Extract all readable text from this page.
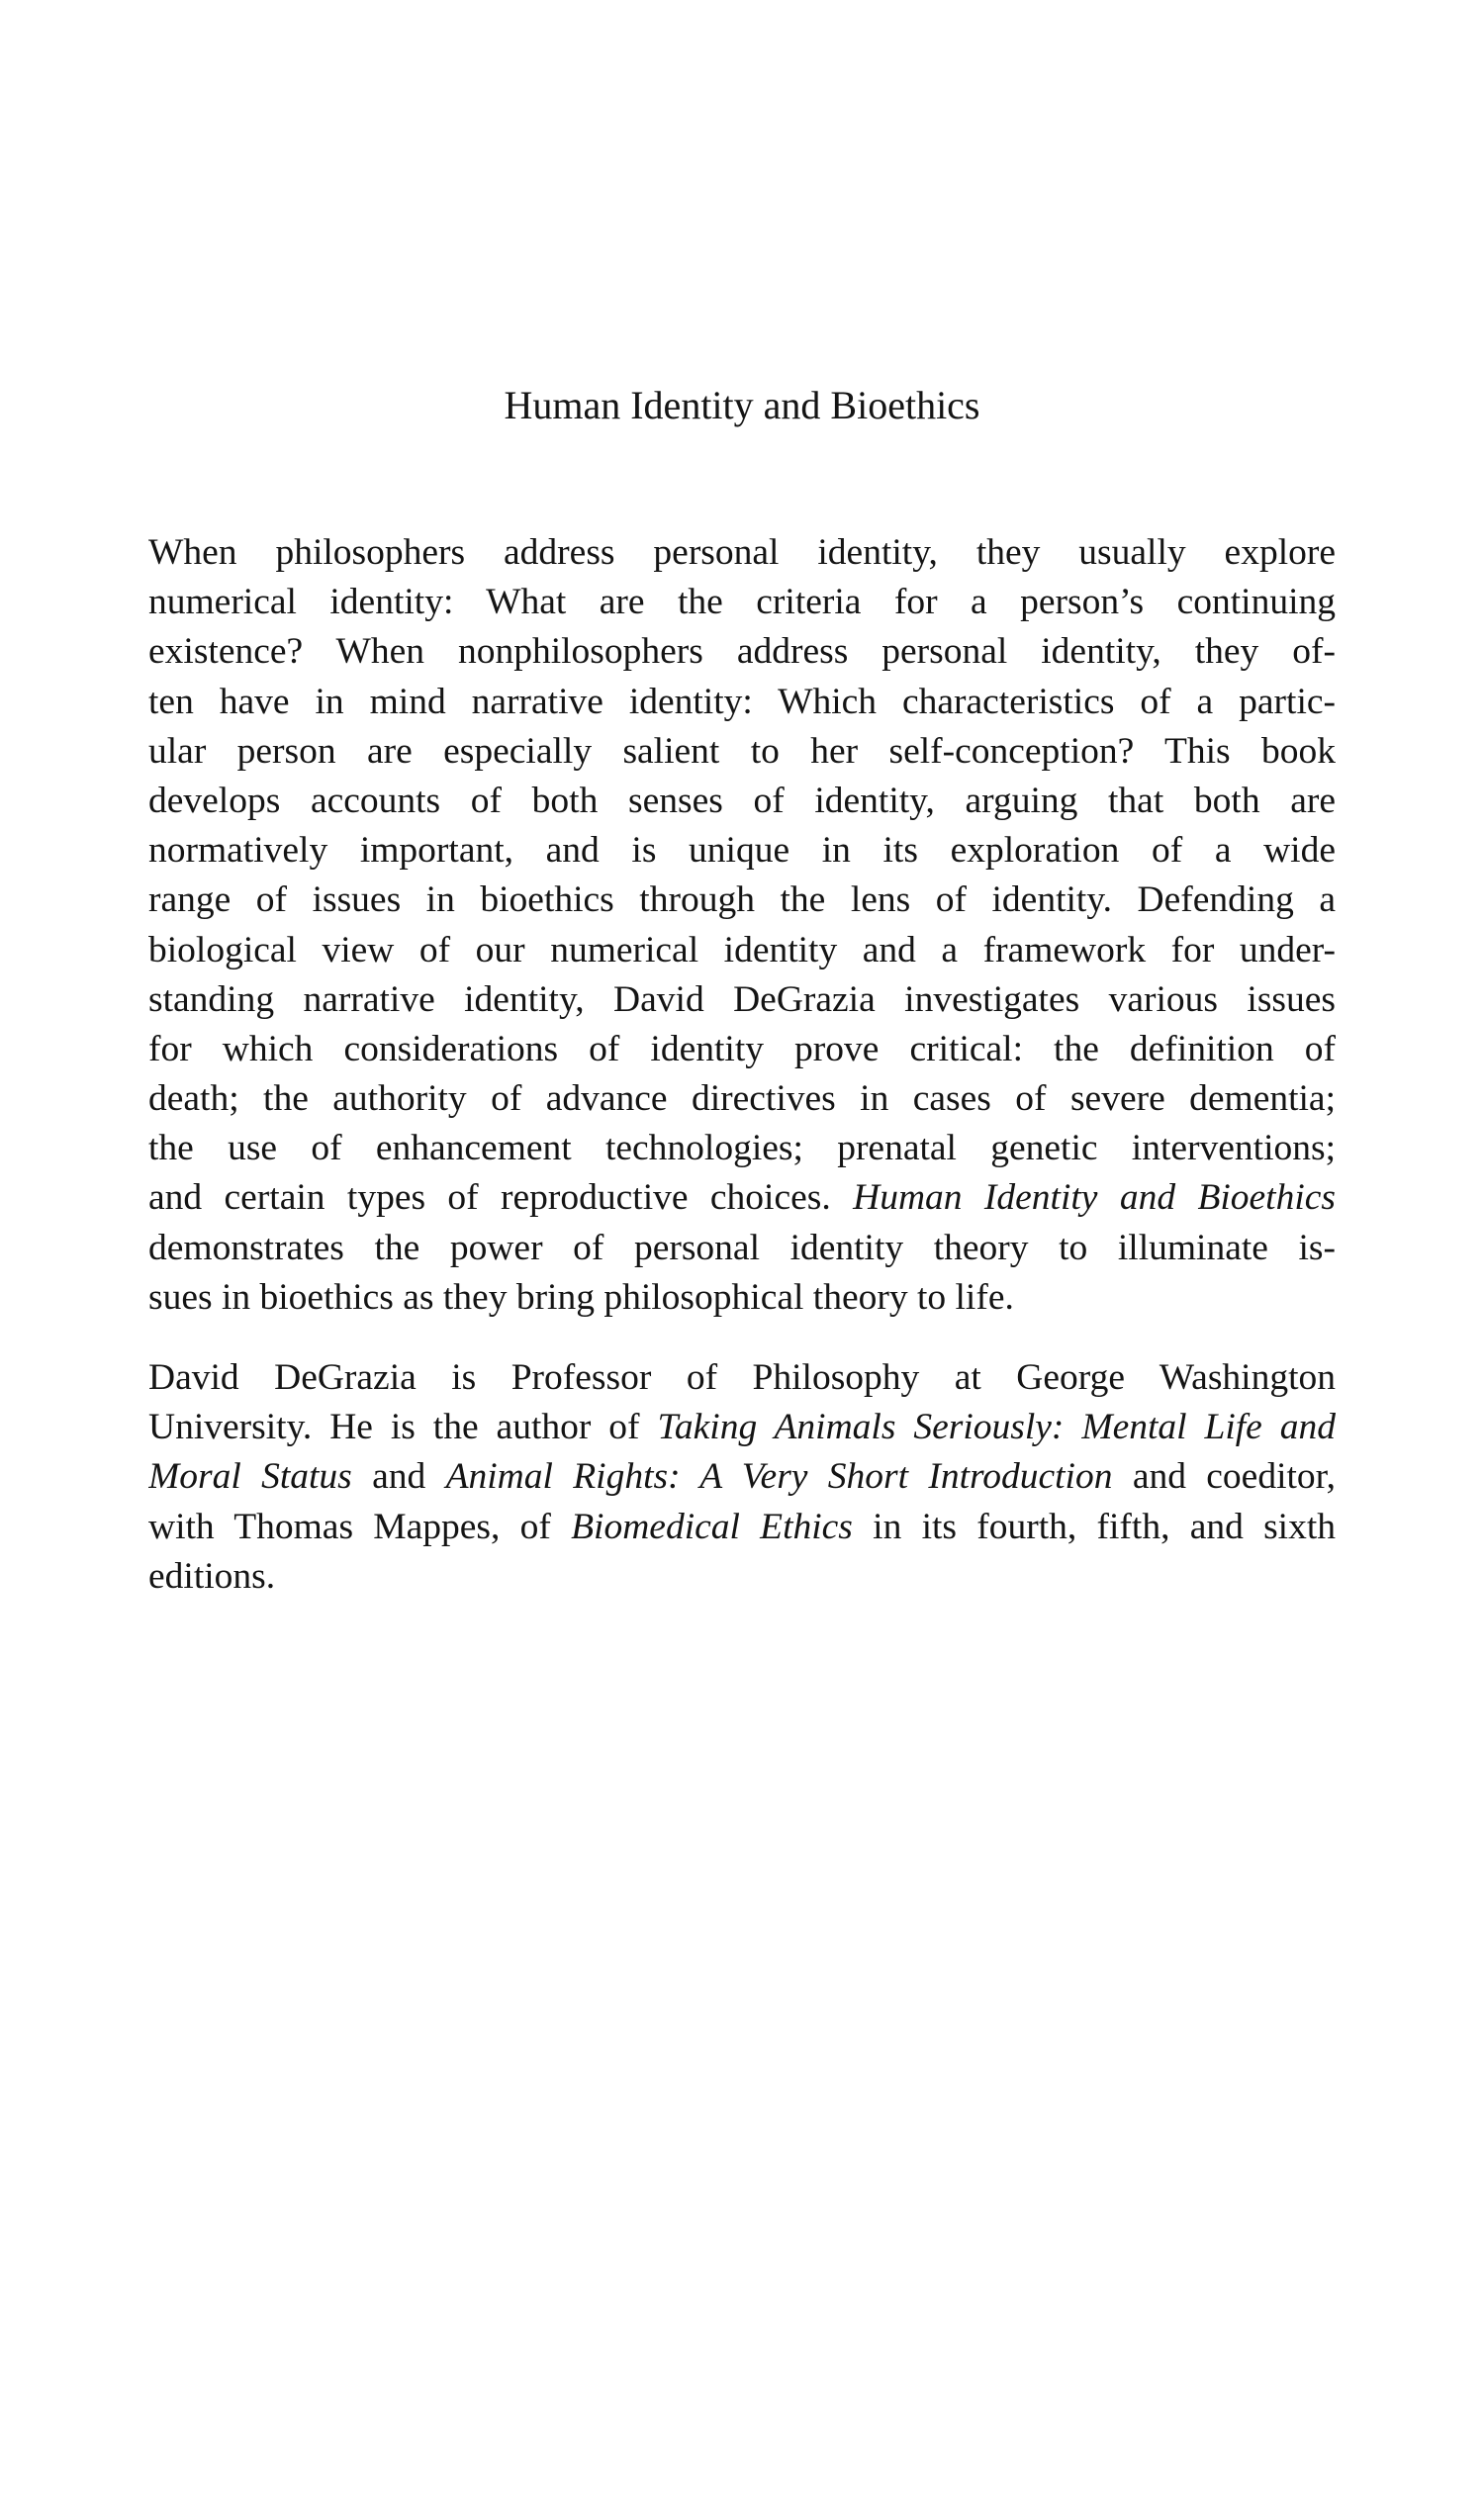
Human Identity and Bioethics
When philosophers address personal identity, they usually explore
numerical identity: What are the criteria for a person’s continuing
existence? When nonphilosophers address personal identity, they of-
ten have in mind narrative identity: Which characteristics of a partic-
ular person are especially salient to her self-conception? This book
develops accounts of both senses of identity, arguing that both are
normatively important, and is unique in its exploration of a wide
range of issues in bioethics through the lens of identity. Defending a
biological view of our numerical identity and a framework for under-
standing narrative identity, David DeGrazia investigates various issues
for which considerations of identity prove critical: the definition of
death; the authority of advance directives in cases of severe dementia;
the use of enhancement technologies; prenatal genetic interventions;
and certain types of reproductive choices. Human Identity and Bioethics
demonstrates the power of personal identity theory to illuminate is-
sues in bioethics as they bring philosophical theory to life.
David DeGrazia is Professor of Philosophy at George Washington
University. He is the author of Taking Animals Seriously: Mental Life and
Moral Status and Animal Rights: A Very Short Introduction and coeditor,
with Thomas Mappes, of Biomedical Ethics in its fourth, fifth, and sixth
editions.
